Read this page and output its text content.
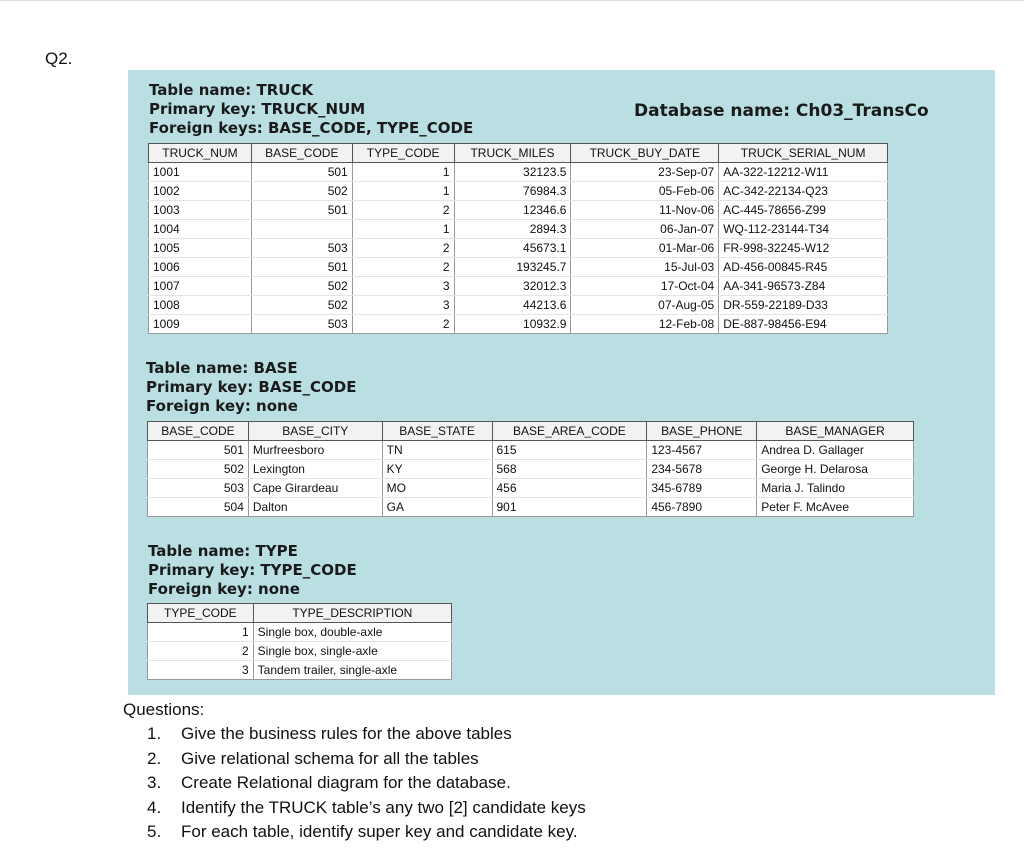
Q2.
Table name: TRUCK
Primary key: TRUCK_NUM
Foreign keys: BASE_CODE, TYPE_CODE
Database name: Ch03_TransCo
TRUCK_NUM	BASE_CODE	TYPE_CODE	TRUCK_MILES	TRUCK_BUY_DATE	TRUCK_SERIAL_NUM
1001	501	1	32123.5	23-Sep-07	AA-322-12212-W11
1002	502	1	76984.3	05-Feb-06	AC-342-22134-Q23
1003	501	2	12346.6	11-Nov-06	AC-445-78656-Z99
1004		1	2894.3	06-Jan-07	WQ-112-23144-T34
1005	503	2	45673.1	01-Mar-06	FR-998-32245-W12
1006	501	2	193245.7	15-Jul-03	AD-456-00845-R45
1007	502	3	32012.3	17-Oct-04	AA-341-96573-Z84
1008	502	3	44213.6	07-Aug-05	DR-559-22189-D33
1009	503	2	10932.9	12-Feb-08	DE-887-98456-E94
Table name: BASE
Primary key: BASE_CODE
Foreign key: none
BASE_CODE	BASE_CITY	BASE_STATE	BASE_AREA_CODE	BASE_PHONE	BASE_MANAGER
501	Murfreesboro	TN	615	123-4567	Andrea D. Gallager
502	Lexington	KY	568	234-5678	George H. Delarosa
503	Cape Girardeau	MO	456	345-6789	Maria J. Talindo
504	Dalton	GA	901	456-7890	Peter F. McAvee
Table name: TYPE
Primary key: TYPE_CODE
Foreign key: none
TYPE_CODE	TYPE_DESCRIPTION
1	Single box, double-axle
2	Single box, single-axle
3	Tandem trailer, single-axle
Questions:
1. Give the business rules for the above tables
2. Give relational schema for all the tables
3. Create Relational diagram for the database.
4. Identify the TRUCK table’s any two [2] candidate keys
5. For each table, identify super key and candidate key.
